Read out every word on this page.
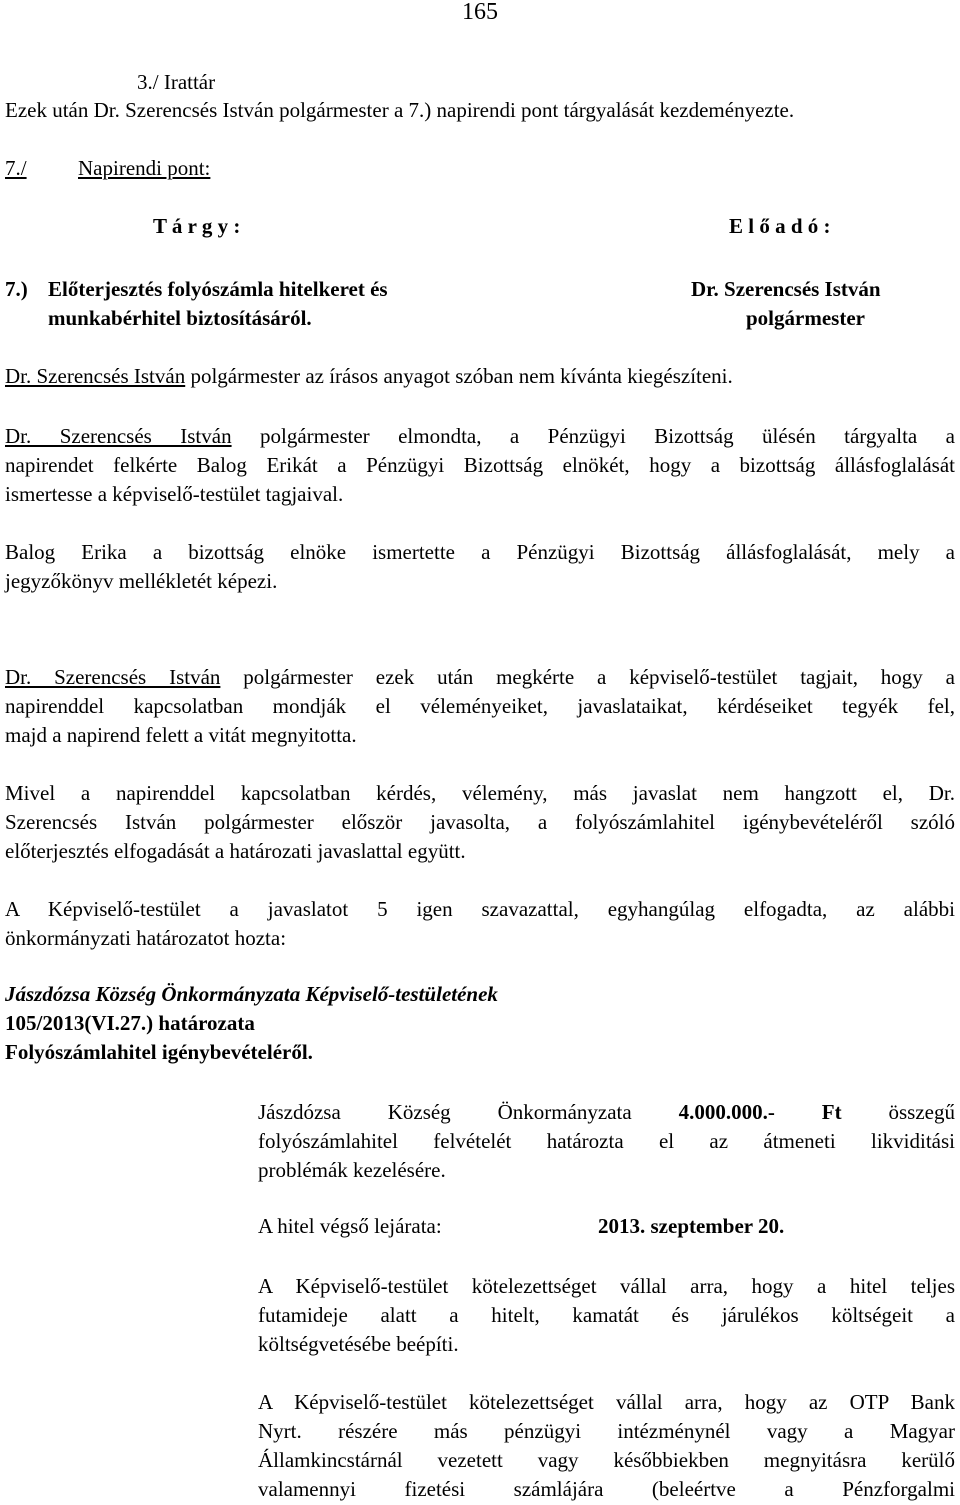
165
3./ Irattár
Ezek után Dr. Szerencsés István polgármester a 7.) napirendi pont tárgyalását kezdeményezte.
7./ Napirendi pont:
T á r g y :	E l ő a d ó :
7.) Előterjesztés folyószámla hitelkeret és
munkabérhitel biztosításáról.
Dr. Szerencsés István
polgármester
Dr. Szerencsés István polgármester az írásos anyagot szóban nem kívánta kiegészíteni.
Dr. Szerencsés István polgármester elmondta, a Pénzügyi Bizottság ülésén tárgyalta a
napirendet felkérte Balog Erikát a Pénzügyi Bizottság elnökét, hogy a bizottság állásfoglalását
ismertesse a képviselő-testület tagjaival.
Balog Erika a bizottság elnöke ismertette a Pénzügyi Bizottság állásfoglalását, mely a
jegyzőkönyv mellékletét képezi.
Dr. Szerencsés István polgármester ezek után megkérte a képviselő-testület tagjait, hogy a
napirenddel kapcsolatban mondják el véleményeiket, javaslataikat, kérdéseiket tegyék fel,
majd a napirend felett a vitát megnyitotta.
Mivel a napirenddel kapcsolatban kérdés, vélemény, más javaslat nem hangzott el, Dr.
Szerencsés István polgármester először javasolta, a folyószámlahitel igénybevételéről szóló
előterjesztés elfogadását a határozati javaslattal együtt.
A Képviselő-testület a javaslatot 5 igen szavazattal, egyhangúlag elfogadta, az alábbi
önkormányzati határozatot hozta:
Jászdózsa Község Önkormányzata Képviselő-testületének
105/2013(VI.27.) határozata
Folyószámlahitel igénybevételéről.
Jászdózsa Község Önkormányzata 4.000.000.- Ft összegű
folyószámlahitel felvételét határozta el az átmeneti likviditási
problémák kezelésére.
A hitel végső lejárata:	2013. szeptember 20.
A Képviselő-testület kötelezettséget vállal arra, hogy a hitel teljes
futamideje alatt a hitelt, kamatát és járulékos költségeit a
költségvetésébe beépíti.
A Képviselő-testület kötelezettséget vállal arra, hogy az OTP Bank
Nyrt. részére más pénzügyi intézménynél vagy a Magyar
Államkincstárnál vezetett vagy későbbiekben megnyitásra kerülő
valamennyi fizetési számlájára (beleértve a Pénzforgalmi
